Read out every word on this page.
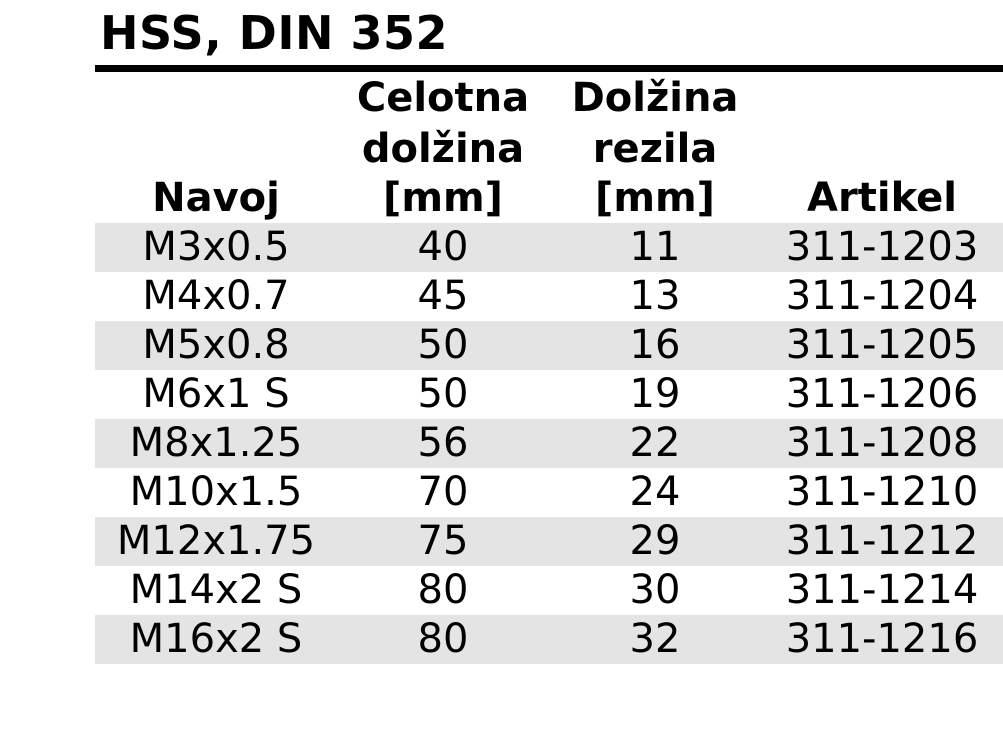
HSS, DIN 352
	Celotna	Dolžina	
	dolžina	rezila	
Navoj	[mm]	[mm]	Artikel
M3x0.5	40	11	311-1203
M4x0.7	45	13	311-1204
M5x0.8	50	16	311-1205
M6x1 S	50	19	311-1206
M8x1.25	56	22	311-1208
M10x1.5	70	24	311-1210
M12x1.75	75	29	311-1212
M14x2 S	80	30	311-1214
M16x2 S	80	32	311-1216
